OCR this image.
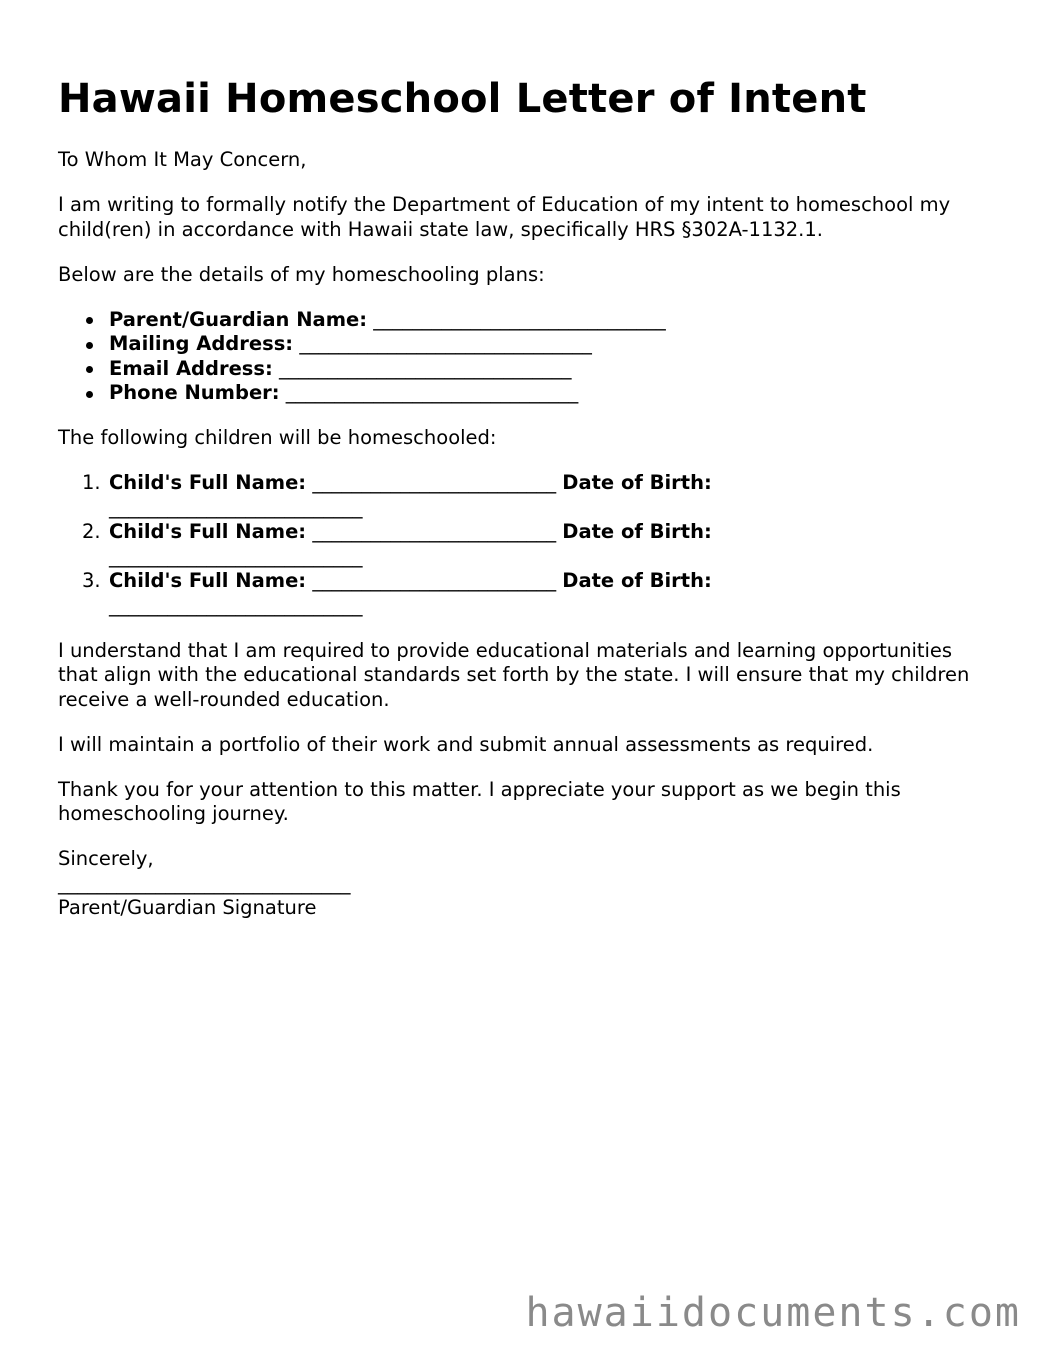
Hawaii Homeschool Letter of Intent

To Whom It May Concern,

I am writing to formally notify the Department of Education of my intent to homeschool my child(ren) in accordance with Hawaii state law, specifically HRS §302A-1132.1.

Below are the details of my homeschooling plans:

Parent/Guardian Name: ______________________________
Mailing Address: ______________________________
Email Address: ______________________________
Phone Number: ______________________________

The following children will be homeschooled:

1. Child's Full Name: _________________________ Date of Birth: __________________________
2. Child's Full Name: _________________________ Date of Birth: __________________________
3. Child's Full Name: _________________________ Date of Birth: __________________________

I understand that I am required to provide educational materials and learning opportunities that align with the educational standards set forth by the state. I will ensure that my children receive a well-rounded education.

I will maintain a portfolio of their work and submit annual assessments as required.

Thank you for your attention to this matter. I appreciate your support as we begin this homeschooling journey.

Sincerely,

______________________________

Parent/Guardian Signature

hawaiidocuments.com
